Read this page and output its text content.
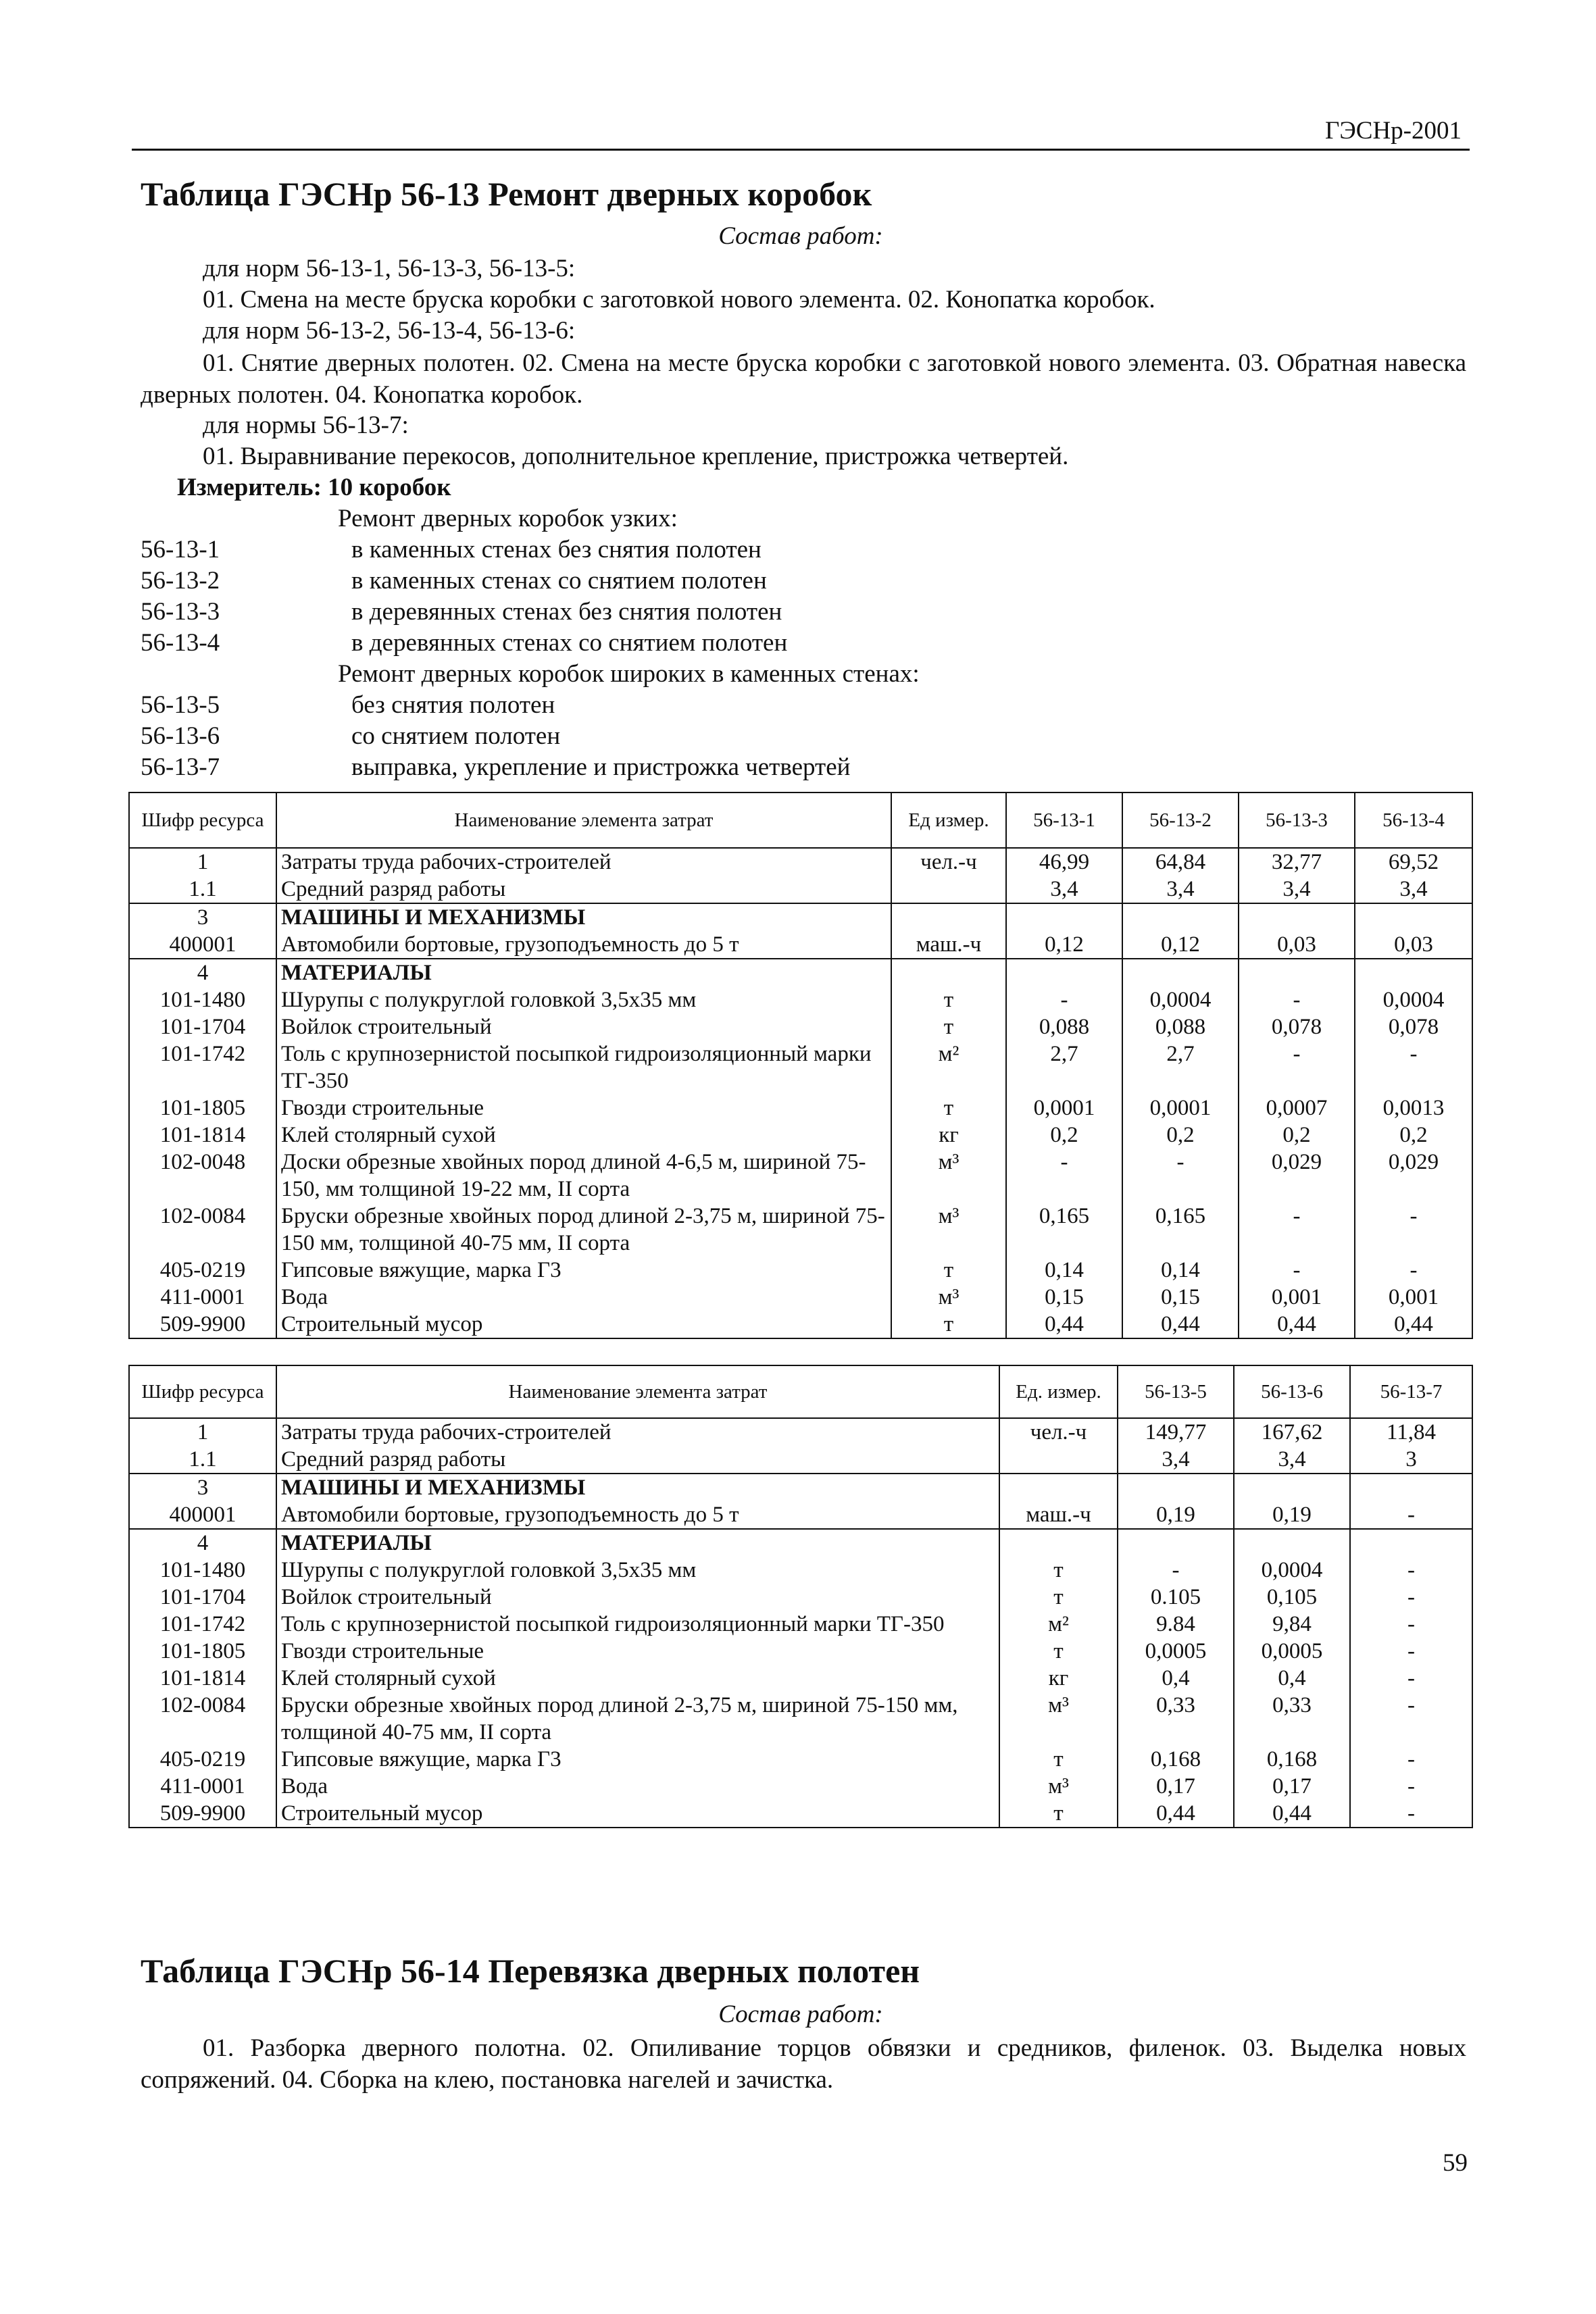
ГЭСНр-2001
Таблица ГЭСНр 56-13 Ремонт дверных коробок
Состав работ:
для норм 56-13-1, 56-13-3, 56-13-5:
01. Смена на месте бруска коробки с заготовкой нового элемента. 02. Конопатка коробок.
для норм 56-13-2, 56-13-4, 56-13-6:
01. Снятие дверных полотен. 02. Смена на месте бруска коробки с заготовкой нового элемента. 03. Обратная навеска дверных полотен. 04. Конопатка коробок.
для нормы 56-13-7:
01. Выравнивание перекосов, дополнительное крепление, пристрожка четвертей.
Измеритель: 10 коробок
Ремонт дверных коробок узких:
56-13-1	в каменных стенах без снятия полотен
56-13-2	в каменных стенах со снятием полотен
56-13-3	в деревянных стенах без снятия полотен
56-13-4	в деревянных стенах со снятием полотен
Ремонт дверных коробок широких в каменных стенах:
56-13-5	без снятия полотен
56-13-6	со снятием полотен
56-13-7	выправка, укрепление и пристрожка четвертей
Шифр ресурса	Наименование элемента затрат	Ед измер.	56-13-1	56-13-2	56-13-3	56-13-4
1	Затраты труда рабочих-строителей	чел.-ч	46,99	64,84	32,77	69,52
1.1	Средний разряд работы		3,4	3,4	3,4	3,4
3	МАШИНЫ И МЕХАНИЗМЫ					
400001	Автомобили бортовые, грузоподъемность до 5 т	маш.-ч	0,12	0,12	0,03	0,03
4	МАТЕРИАЛЫ					
101-1480	Шурупы с полукруглой головкой 3,5x35 мм	т	-	0,0004	-	0,0004
101-1704	Войлок строительный	т	0,088	0,088	0,078	0,078
101-1742	Толь с крупнозернистой посыпкой гидроизоляционный марки ТГ-350	м²	2,7	2,7	-	-
101-1805	Гвозди строительные	т	0,0001	0,0001	0,0007	0,0013
101-1814	Клей столярный сухой	кг	0,2	0,2	0,2	0,2
102-0048	Доски обрезные хвойных пород длиной 4-6,5 м, шириной 75-150, мм толщиной 19-22 мм, II сорта	м³	-	-	0,029	0,029
102-0084	Бруски обрезные хвойных пород длиной 2-3,75 м, шириной 75-150 мм, толщиной 40-75 мм, II сорта	м³	0,165	0,165	-	-
405-0219	Гипсовые вяжущие, марка Г3	т	0,14	0,14	-	-
411-0001	Вода	м³	0,15	0,15	0,001	0,001
509-9900	Строительный мусор	т	0,44	0,44	0,44	0,44
Шифр ресурса	Наименование элемента затрат	Ед. измер.	56-13-5	56-13-6	56-13-7
1	Затраты труда рабочих-строителей	чел.-ч	149,77	167,62	11,84
1.1	Средний разряд работы		3,4	3,4	3
3	МАШИНЫ И МЕХАНИЗМЫ				
400001	Автомобили бортовые, грузоподъемность до 5 т	маш.-ч	0,19	0,19	-
4	МАТЕРИАЛЫ				
101-1480	Шурупы с полукруглой головкой 3,5x35 мм	т	-	0,0004	-
101-1704	Войлок строительный	т	0.105	0,105	-
101-1742	Толь с крупнозернистой посыпкой гидроизоляционный марки ТГ-350	м²	9.84	9,84	-
101-1805	Гвозди строительные	т	0,0005	0,0005	-
101-1814	Клей столярный сухой	кг	0,4	0,4	-
102-0084	Бруски обрезные хвойных пород длиной 2-3,75 м, шириной 75-150 мм, толщиной 40-75 мм, II сорта	м³	0,33	0,33	-
405-0219	Гипсовые вяжущие, марка Г3	т	0,168	0,168	-
411-0001	Вода	м³	0,17	0,17	-
509-9900	Строительный мусор	т	0,44	0,44	-
Таблица ГЭСНр 56-14 Перевязка дверных полотен
Состав работ:
01. Разборка дверного полотна. 02. Опиливание торцов обвязки и средников, филенок. 03. Выделка новых сопряжений. 04. Сборка на клею, постановка нагелей и зачистка.
59
